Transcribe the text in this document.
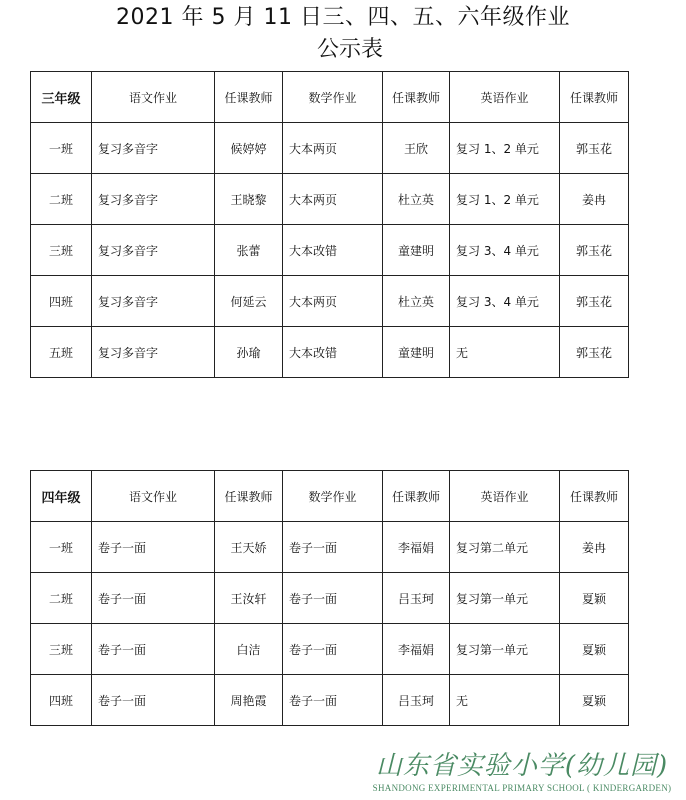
2021 年 5 月 11 日三、四、五、六年级作业
公示表
三年级	语文作业	任课教师	数学作业	任课教师	英语作业	任课教师
一班	复习多音字	候婷婷	大本两页	王欣	复习 1、2 单元	郭玉花
二班	复习多音字	王晓黎	大本两页	杜立英	复习 1、2 单元	姜冉
三班	复习多音字	张蕾	大本改错	童建明	复习 3、4 单元	郭玉花
四班	复习多音字	何延云	大本两页	杜立英	复习 3、4 单元	郭玉花
五班	复习多音字	孙瑜	大本改错	童建明	无	郭玉花
四年级	语文作业	任课教师	数学作业	任课教师	英语作业	任课教师
一班	卷子一面	王天娇	卷子一面	李福娟	复习第二单元	姜冉
二班	卷子一面	王汝轩	卷子一面	吕玉珂	复习第一单元	夏颖
三班	卷子一面	白洁	卷子一面	李福娟	复习第一单元	夏颖
四班	卷子一面	周艳霞	卷子一面	吕玉珂	无	夏颖
山东省实验小学(幼儿园)
SHANDONG EXPERIMENTAL PRIMARY SCHOOL ( KINDERGARDEN)
